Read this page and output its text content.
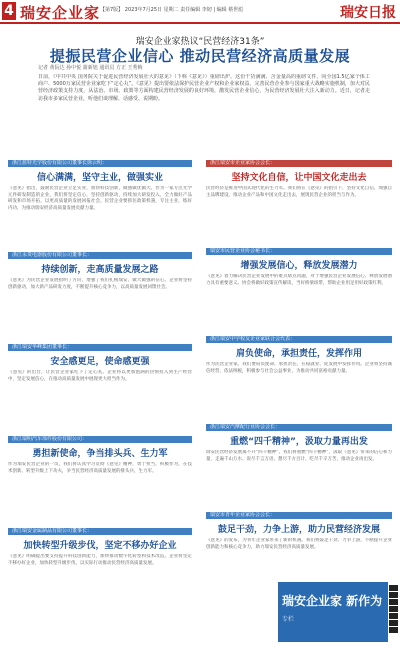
4 瑞安企业家 【第7版】 2023年7月25日 星期二 责任编辑 李韧 | 编辑 蔡世彪	瑞安日报
瑞安企业家热议“民营经济31条”
提振民营企业信心 推动民营经济高质量发展
记者 黄阮达 孙中悦 蒲新旭 通讯员 方正 王秀梅
日前，《中共中央 国务院关于促进民营经济发展壮大的意见》（下称《意见》）重磅出炉。这份干货满满、含金量高的重磅文件，向全国1.5亿家个体工商户、5000万家民营企业家吃下“定心丸”。《意见》提出要依法保护民营企业产权和企业家权益，完善民营企业参与国家重大战略实施机制，加大对民营经济政策支持力度，从法治、市场、政策等方面构建民营经济发展的良好环境，激发民营企业信心，为民营经济发展壮大注入新动力。近日，记者走访我市多家民营企业，听他们谈理解、话感受、说期盼。
浙江蓝特光学股份有限公司董事长徐云明：
信心满满，坚守主业，做强实业
《意见》指出，鼓励民营企业立足实业，加快科技创新，做强做优做大。作为一家专注光学元件研发制造的企业，我们将坚定信心，坚持创新驱动，持续加大研发投入，全力做好产品研发和市场开拓，以更高质量的发展回报社会。民营企业要抓住政策机遇，专注主业，练好内功，为推动瑞安经济高质量发展贡献力量。
浙江永贵电器股份有限公司董事长：
持续创新，走高质量发展之路
《意见》为民营企业发展指明了方向，增强了我们扎根瑞安、做大做强的信心。企业将坚持创新驱动，加大新产品研发力度，不断提升核心竞争力，以高质量发展回馈社会。
浙江瑞安华峰集团董事长：
安全感更足，使命感更强
《意见》的出台，让民营企业家吃下了定心丸。企业将以更加饱满的热情投入到生产经营中，坚定发展信心，在推动高质量发展中展现更大担当作为。
浙江瑞明汽车部件股份有限公司：
勇担新使命，争当排头兵、生力军
作为瑞安民营企业的一员，我们将认真学习贯彻《意见》精神，勇于担当，积极作为，在技术创新、转型升级上下功夫，争当民营经济高质量发展的排头兵、生力军。
浙江瑞安金属制品有限公司董事长：
加快转型升级步伐，坚定不移办好企业
《意见》明确提出要支持提升科技创新能力，加快推动数字化转型和技术改造。企业将坚定不移办好企业，加快转型升级步伐，以实际行动推动民营经济高质量发展。
浙江瑞安市企业家协会会长：
坚持文化自信，让中国文化走出去
民营经济是推进中国式现代化的生力军。我们将在《意见》的指引下，坚持文化自信，加强自主品牌建设，推动企业产品和中国文化走出去，展现民营企业的担当与作为。
瑞安市民营企业协会秘书长：
增强发展信心，释放发展潜力
《意见》着力解决民营企业发展中的难点堵点问题，对于增强民营企业发展信心、释放发展潜力具有重要意义。协会将做好政策宣传解读，当好桥梁纽带，帮助企业用足用好政策红利。
浙江瑞安中学校友企业家联合会代表：
肩负使命，承担责任，发挥作用
作为民营企业家，我们要肩负使命、承担责任，在稳就业、促发展中发挥作用。企业将坚持诚信经营，依法纳税，积极参与社会公益事业，为推动共同富裕贡献力量。
浙江瑞安汽摩配行业协会会长：
重燃“四千精神”，汲取力量再出发
瑞安民营经济发展离不开“四千精神”。我们将重燃“四千精神”，汲取《意见》带来的信心和力量，走遍千山万水、说尽千言万语、想尽千方百计、吃尽千辛万苦，推动企业再出发。
瑞安市青年企业家协会会长：
鼓足干劲，力争上游，助力民营经济发展
《意见》的发布，为青年企业家带来了新的机遇。我们将鼓足干劲、力争上游，不断提升企业创新能力和核心竞争力，助力瑞安民营经济高质量发展。
瑞安企业家 新作为
专栏
